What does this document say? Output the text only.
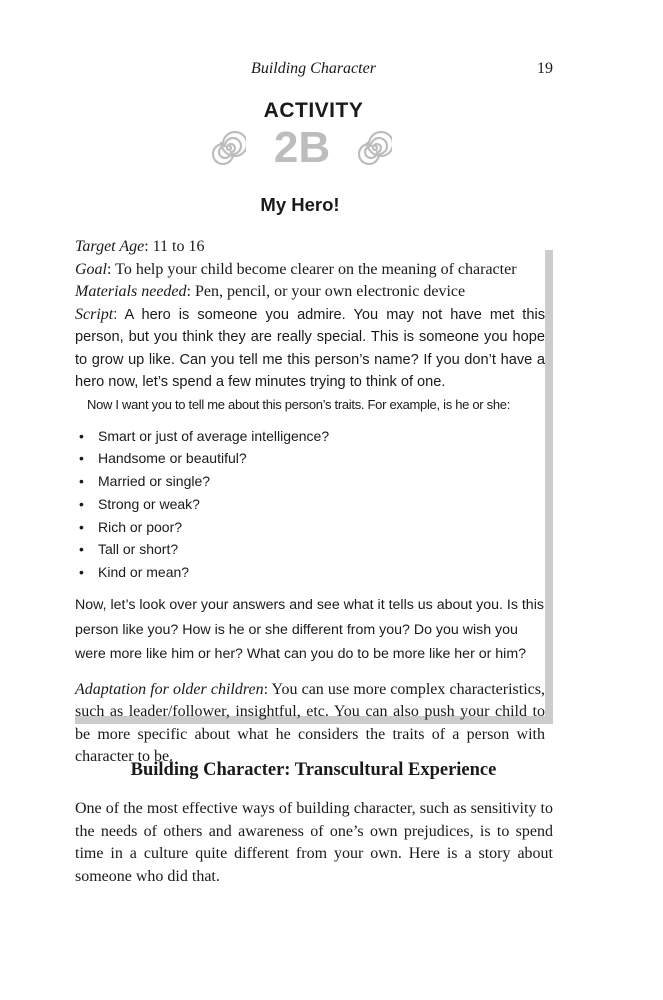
Building Character	19
ACTIVITY
2B
My Hero!
Target Age: 11 to 16
Goal: To help your child become clearer on the meaning of character
Materials needed: Pen, pencil, or your own electronic device
Script: A hero is someone you admire. You may not have met this person, but you think they are really special. This is someone you hope to grow up like. Can you tell me this person’s name? If you don’t have a hero now, let’s spend a few minutes trying to think of one.
Now I want you to tell me about this person’s traits. For example, is he or she:
• Smart or just of average intelligence?
• Handsome or beautiful?
• Married or single?
• Strong or weak?
• Rich or poor?
• Tall or short?
• Kind or mean?
Now, let’s look over your answers and see what it tells us about you. Is this person like you? How is he or she different from you? Do you wish you were more like him or her? What can you do to be more like her or him?
Adaptation for older children: You can use more complex characteristics, such as leader/follower, insightful, etc. You can also push your child to be more specific about what he considers the traits of a person with character to be.
Building Character: Transcultural Experience
One of the most effective ways of building character, such as sensitivity to the needs of others and awareness of one’s own prejudices, is to spend time in a culture quite different from your own. Here is a story about someone who did that.
